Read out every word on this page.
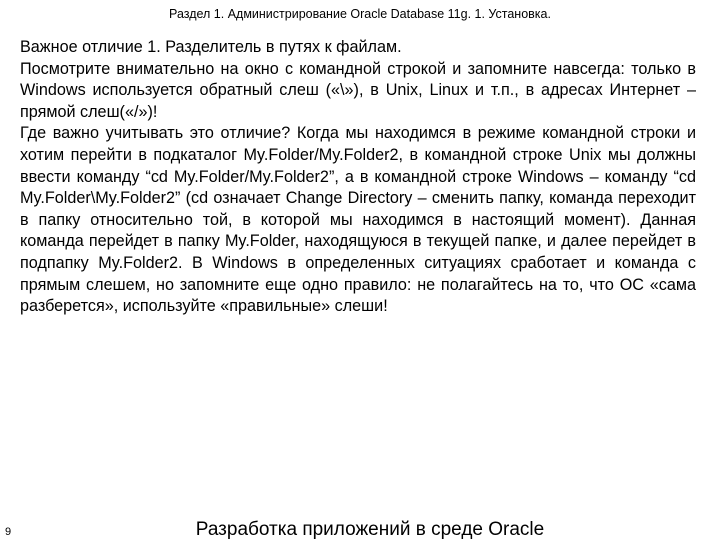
Раздел 1. Администрирование Oracle Database 11g. 1. Установка.

Важное отличие 1. Разделитель в путях к файлам.

Посмотрите внимательно на окно с командной строкой и запомните навсегда: только в Windows используется обратный слеш («\»), в Unix, Linux и т.п., в адресах Интернет – прямой слеш(«/»)!

Где важно учитывать это отличие? Когда мы находимся в режиме командной строки и хотим перейти в подкаталог My.Folder/My.Folder2, в командной строке Unix мы должны ввести команду “cd My.Folder/My.Folder2”, а в командной строке Windows – команду “cd My.Folder\My.Folder2” (cd означает Change Directory – сменить папку, команда переходит в папку относительно той, в которой мы находимся в настоящий момент). Данная команда перейдет в папку My.Folder, находящуюся в текущей папке, и далее перейдет в подпапку My.Folder2. В Windows в определенных ситуациях сработает и команда с прямым слешем, но запомните еще одно правило: не полагайтесь на то, что ОС «сама разберется», используйте «правильные» слеши!

9	Разработка приложений в среде Oracle
